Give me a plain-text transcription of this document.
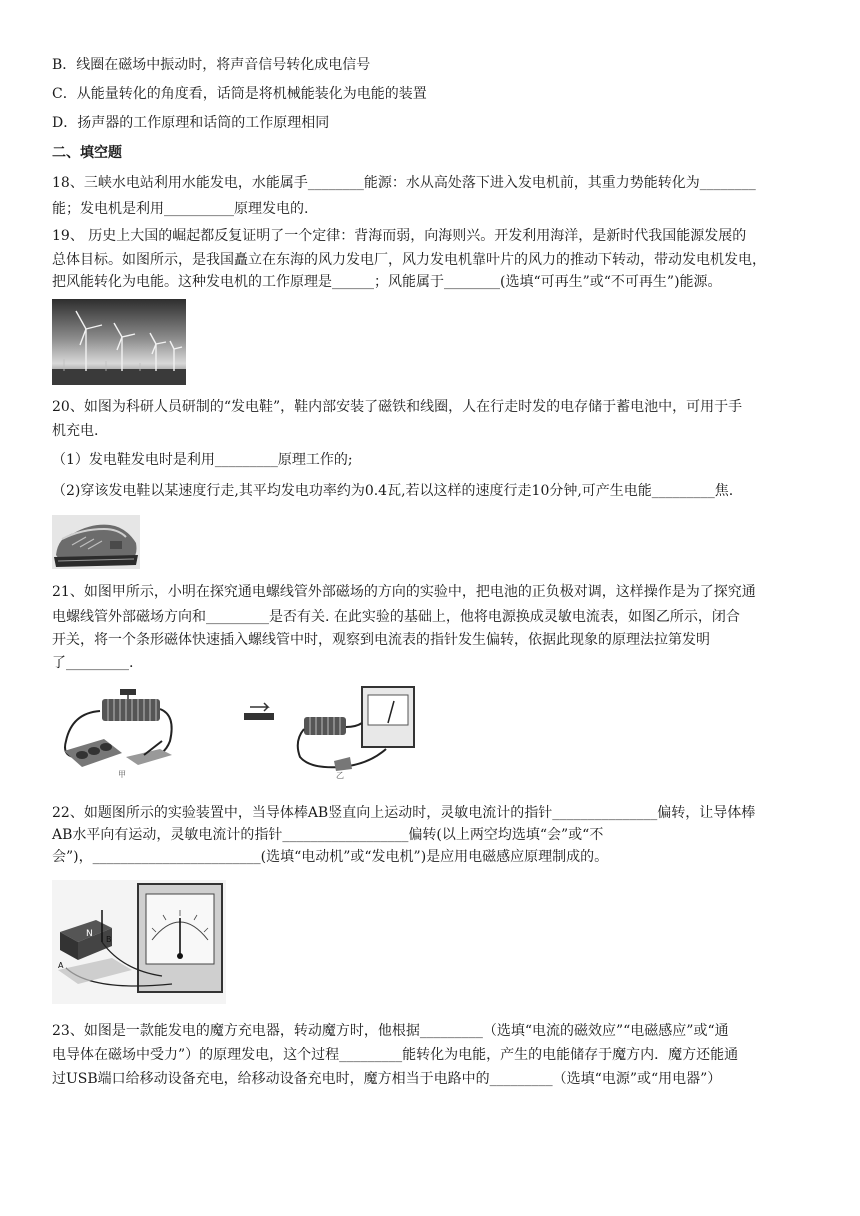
B．线圈在磁场中振动时，将声音信号转化成电信号
C．从能量转化的角度看，话筒是将机械能装化为电能的装置
D．扬声器的工作原理和话筒的工作原理相同
二、填空题
18、三峡水电站利用水能发电，水能属手________能源：水从高处落下进入发电机前，其重力势能转化为________
能；发电机是利用__________原理发电的.
19、 历史上大国的崛起都反复证明了一个定律：背海而弱，向海则兴。开发利用海洋，是新时代我国能源发展的
总体目标。如图所示，是我国矗立在东海的风力发电厂，风力发电机靠叶片的风力的推动下转动，带动发电机发电，
把风能转化为电能。这种发电机的工作原理是______；风能属于________(选填“可再生”或“不可再生”)能源。
20、如图为科研人员研制的“发电鞋”，鞋内部安装了磁铁和线圈，人在行走时发的电存储于蓄电池中，可用于手
机充电.
（1）发电鞋发电时是利用_________原理工作的;
（2)穿该发电鞋以某速度行走,其平均发电功率约为0.4瓦,若以这样的速度行走10分钟,可产生电能_________焦.
21、如图甲所示，小明在探究通电螺线管外部磁场的方向的实验中，把电池的正负极对调，这样操作是为了探究通
电螺线管外部磁场方向和_________是否有关. 在此实验的基础上，他将电源换成灵敏电流表，如图乙所示，闭合
开关，将一个条形磁体快速插入螺线管中时，观察到电流表的指针发生偏转，依据此现象的原理法拉第发明
了_________.
甲	乙
22、如题图所示的实验装置中，当导体棒AB竖直向上运动时，灵敏电流计的指针_______________偏转，让导体棒
AB水平向有运动，灵敏电流计的指针__________________偏转(以上两空均选填“会”或“不
会”)，________________________(选填“电动机”或“发电机”)是应用电磁感应原理制成的。
N
B
A
23、如图是一款能发电的魔方充电器，转动魔方时，他根据_________（选填“电流的磁效应”“电磁感应”或“通
电导体在磁场中受力”）的原理发电，这个过程_________能转化为电能，产生的电能储存于魔方内．魔方还能通
过USB端口给移动设备充电，给移动设备充电时，魔方相当于电路中的_________（选填“电源”或“用电器”）
